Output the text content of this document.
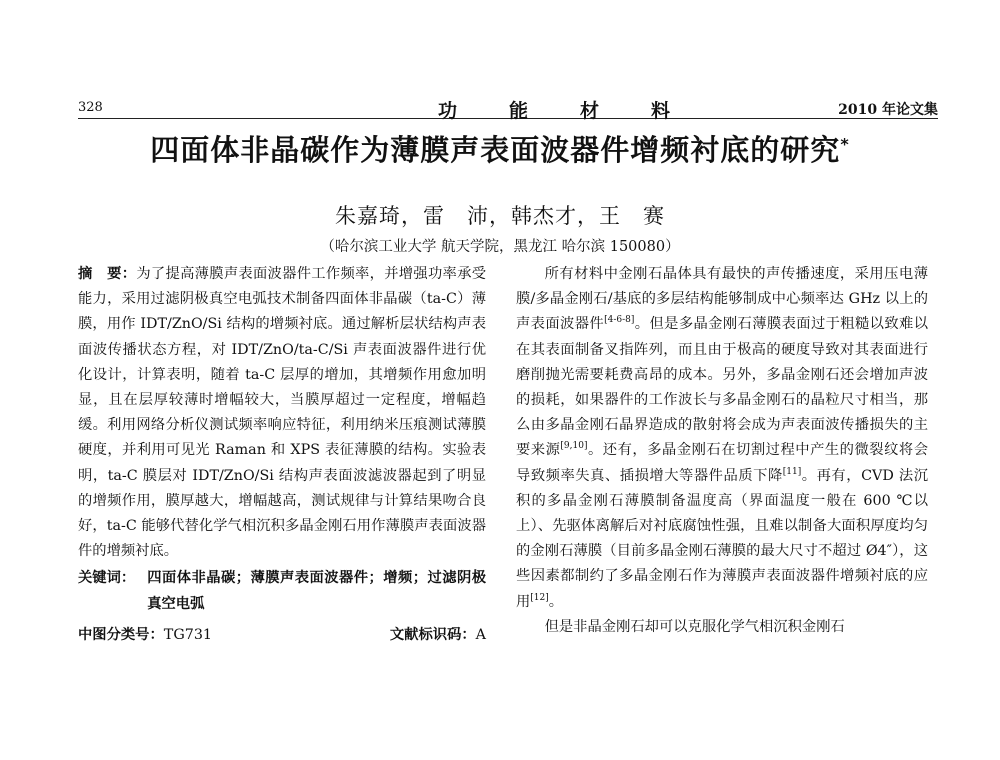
328	功能材料	2010 年论文集
四面体非晶碳作为薄膜声表面波器件增频衬底的研究*
朱嘉琦，雷　沛，韩杰才，王　赛
（哈尔滨工业大学 航天学院，黑龙江 哈尔滨 150080）

摘　要：为了提高薄膜声表面波器件工作频率，并增强功率承受能力，采用过滤阴极真空电弧技术制备四面体非晶碳（ta-C）薄膜，用作 IDT/ZnO/Si 结构的增频衬底。通过解析层状结构声表面波传播状态方程，对 IDT/ZnO/ta-C/Si 声表面波器件进行优化设计，计算表明，随着 ta-C 层厚的增加，其增频作用愈加明显，且在层厚较薄时增幅较大，当膜厚超过一定程度，增幅趋缓。利用网络分析仪测试频率响应特征，利用纳米压痕测试薄膜硬度，并利用可见光 Raman 和 XPS 表征薄膜的结构。实验表明，ta-C 膜层对 IDT/ZnO/Si 结构声表面波滤波器起到了明显的增频作用，膜厚越大，增幅越高，测试规律与计算结果吻合良好，ta-C 能够代替化学气相沉积多晶金刚石用作薄膜声表面波器件的增频衬底。

关键词： 四面体非晶碳；薄膜声表面波器件；增频；过滤阴极真空电弧
中图分类号：TG731	文献标识码：A

所有材料中金刚石晶体具有最快的声传播速度，采用压电薄膜/多晶金刚石/基底的多层结构能够制成中心频率达 GHz 以上的声表面波器件[4-6-8]。但是多晶金刚石薄膜表面过于粗糙以致难以在其表面制备叉指阵列，而且由于极高的硬度导致对其表面进行磨削抛光需要耗费高昂的成本。另外，多晶金刚石还会增加声波的损耗，如果器件的工作波长与多晶金刚石的晶粒尺寸相当，那么由多晶金刚石晶界造成的散射将会成为声表面波传播损失的主要来源[9,10]。还有，多晶金刚石在切割过程中产生的微裂纹将会导致频率失真、插损增大等器件品质下降[11]。再有，CVD 法沉积的多晶金刚石薄膜制备温度高（界面温度一般在 600 ℃以上）、先驱体离解后对衬底腐蚀性强，且难以制备大面积厚度均匀的金刚石薄膜（目前多晶金刚石薄膜的最大尺寸不超过 Ø4″），这些因素都制约了多晶金刚石作为薄膜声表面波器件增频衬底的应用[12]。

但是非晶金刚石却可以克服化学气相沉积金刚石
